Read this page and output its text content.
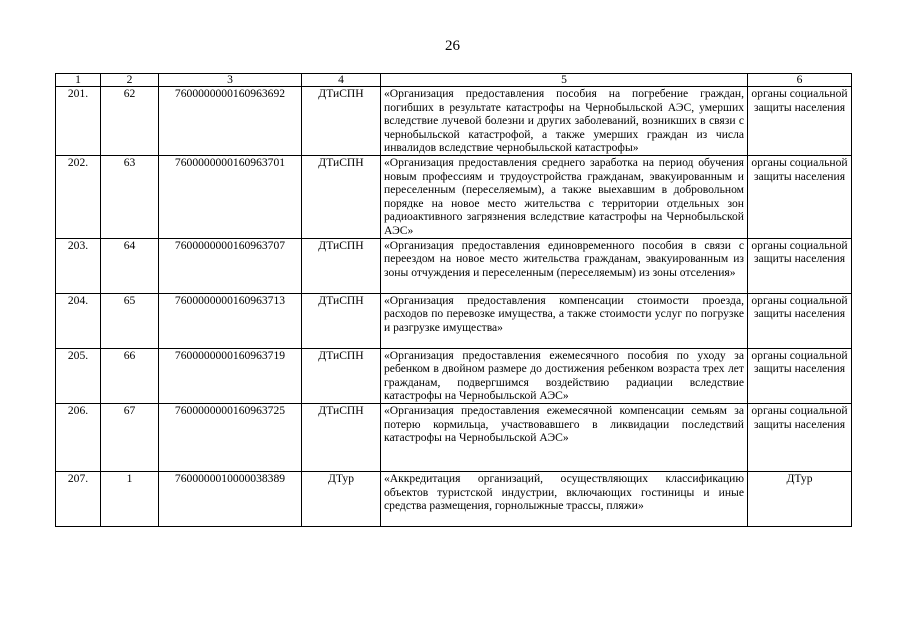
26
1	2	3	4	5	6
201.	62	7600000000160963692	ДТиСПН	«Организация предоставления пособия на погребение граждан, погибших в результате катастрофы на Чернобыльской АЭС, умерших вследствие лучевой болезни и других заболеваний, возникших в связи с чернобыльской катастрофой, а также умерших граждан из числа инвалидов вследствие чернобыльской катастрофы»	органы социальной защиты населения
202.	63	7600000000160963701	ДТиСПН	«Организация предоставления среднего заработка на период обучения новым профессиям и трудоустройства гражданам, эвакуированным и переселенным (переселяемым), а также выехавшим в добровольном порядке на новое место жительства с территории отдельных зон радиоактивного загрязнения вследствие катастрофы на Чернобыльской АЭС»	органы социальной защиты населения
203.	64	7600000000160963707	ДТиСПН	«Организация предоставления единовременного пособия в связи с переездом на новое место жительства гражданам, эвакуированным из зоны отчуждения и переселенным (переселяемым) из зоны отселения»	органы социальной защиты населения
204.	65	7600000000160963713	ДТиСПН	«Организация предоставления компенсации стоимости проезда, расходов по перевозке имущества, а также стоимости услуг по погрузке и разгрузке имущества»	органы социальной защиты населения
205.	66	7600000000160963719	ДТиСПН	«Организация предоставления ежемесячного пособия по уходу за ребенком в двойном размере до достижения ребенком возраста трех лет гражданам, подвергшимся воздействию радиации вследствие катастрофы на Чернобыльской АЭС»	органы социальной защиты населения
206.	67	7600000000160963725	ДТиСПН	«Организация предоставления ежемесячной компенсации семьям за потерю кормильца, участвовавшего в ликвидации последствий катастрофы на Чернобыльской АЭС»	органы социальной защиты населения
207.	1	7600000010000038389	ДТур	«Аккредитация организаций, осуществляющих классификацию объектов туристской индустрии, включающих гостиницы и иные средства размещения, горнолыжные трассы, пляжи»	ДТур
